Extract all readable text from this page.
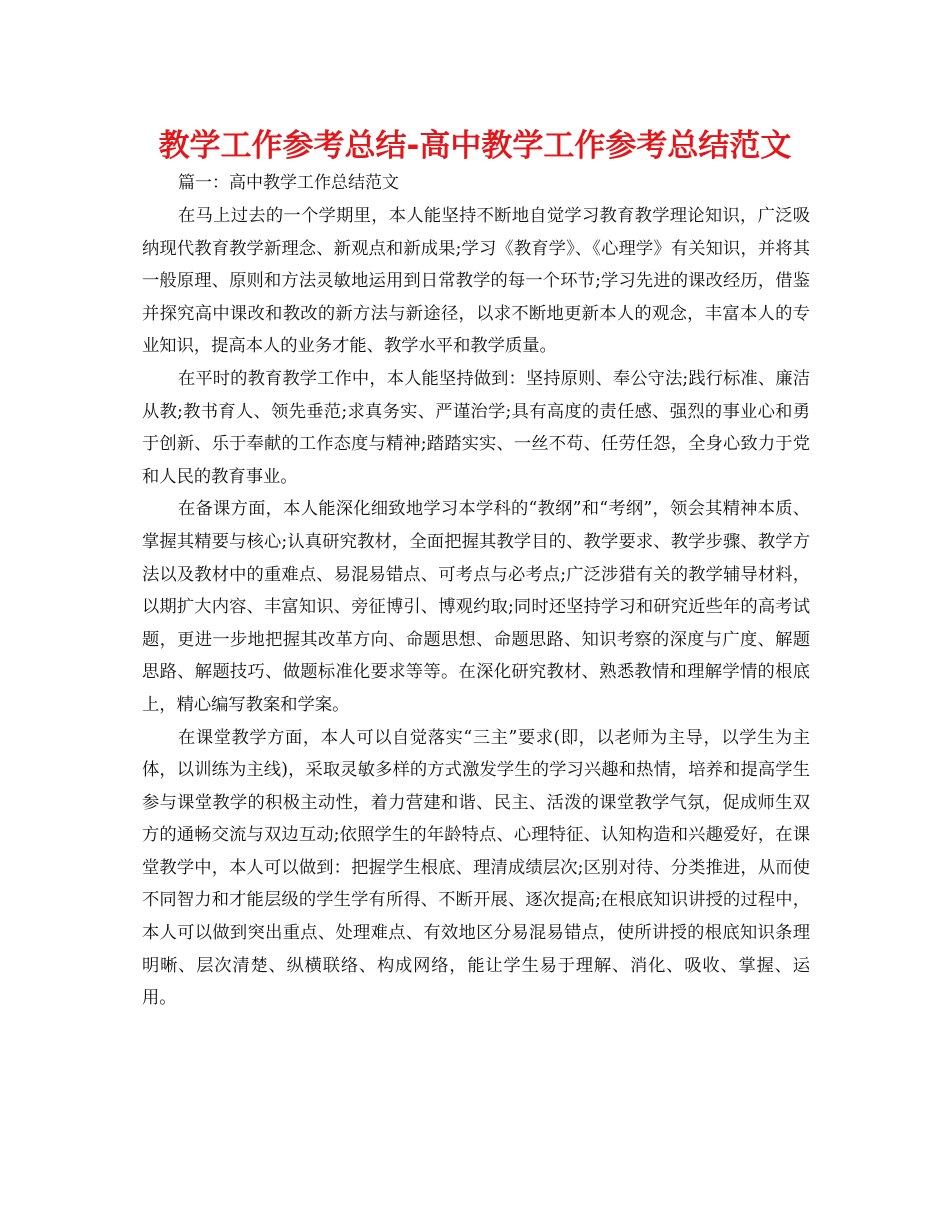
教学工作参考总结-高中教学工作参考总结范文
篇一：高中教学工作总结范文

在马上过去的一个学期里，本人能坚持不断地自觉学习教育教学理论知识，广泛吸纳现代教育教学新理念、新观点和新成果;学习《教育学》、《心理学》有关知识，并将其一般原理、原则和方法灵敏地运用到日常教学的每一个环节;学习先进的课改经历，借鉴并探究高中课改和教改的新方法与新途径，以求不断地更新本人的观念，丰富本人的专业知识，提高本人的业务才能、教学水平和教学质量。

在平时的教育教学工作中，本人能坚持做到：坚持原则、奉公守法;践行标准、廉洁从教;教书育人、领先垂范;求真务实、严谨治学;具有高度的责任感、强烈的事业心和勇于创新、乐于奉献的工作态度与精神;踏踏实实、一丝不苟、任劳任怨，全身心致力于党和人民的教育事业。

在备课方面，本人能深化细致地学习本学科的“教纲”和“考纲”，领会其精神本质、掌握其精要与核心;认真研究教材，全面把握其教学目的、教学要求、教学步骤、教学方法以及教材中的重难点、易混易错点、可考点与必考点;广泛涉猎有关的教学辅导材料，以期扩大内容、丰富知识、旁征博引、博观约取;同时还坚持学习和研究近些年的高考试题，更进一步地把握其改革方向、命题思想、命题思路、知识考察的深度与广度、解题思路、解题技巧、做题标准化要求等等。在深化研究教材、熟悉教情和理解学情的根底上，精心编写教案和学案。

在课堂教学方面，本人可以自觉落实“三主”要求(即，以老师为主导，以学生为主体，以训练为主线)，采取灵敏多样的方式激发学生的学习兴趣和热情，培养和提高学生参与课堂教学的积极主动性，着力营建和谐、民主、活泼的课堂教学气氛，促成师生双方的通畅交流与双边互动;依照学生的年龄特点、心理特征、认知构造和兴趣爱好，在课堂教学中，本人可以做到：把握学生根底、理清成绩层次;区别对待、分类推进，从而使不同智力和才能层级的学生学有所得、不断开展、逐次提高;在根底知识讲授的过程中，本人可以做到突出重点、处理难点、有效地区分易混易错点，使所讲授的根底知识条理明晰、层次清楚、纵横联络、构成网络，能让学生易于理解、消化、吸收、掌握、运用。
